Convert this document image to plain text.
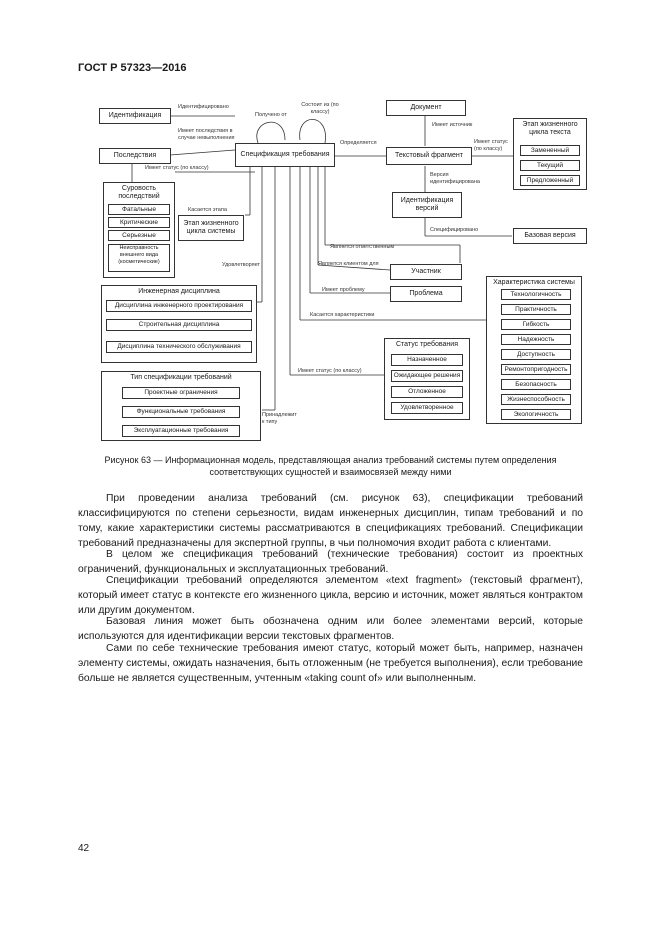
ГОСТ Р 57323—2016
Идентификация
Последствия	Спецификация требования
Документ
Текстовый фрагмент
Идентификация версий
Базовая версия
Этап жизненного цикла системы
Участник
Проблема
Идентифицировано
Имеет последствия в случае невыполнения
Имеет статус (по классу)
Получено от
Состоит из (по классу)
Определяется
Имеет источник
Имеет статус (по классу)
Версия идентифицирована
Специфицировано
Касается этапа
Является ответственным
Является клиентом для
Имеет проблему
Касается характеристики
Удовлетворяет
Имеет статус (по классу)
Принадлежит к типу
Суровость последствий
Фатальные
Критические
Серьезные
Неисправность внешнего вида (косметические)
Этап жизненного цикла текста
Замененный
Текущий
Предложенный
Инженерная дисциплина
Дисциплина инженерного проектирования
Строительная дисциплина
Дисциплина технического обслуживания
Тип спецификации требований
Проектные ограничения
Функциональные требования
Эксплуатационные требования
Статус требования
Назначенное
Ожидающее решения
Отложенное
Удовлетворенное
Характеристика системы
Технологичность
Практичность
Гибкость
Надежность
Доступность
Ремонтопригодность
Безопасность
Жизнеспособность
Экологичность
Рисунок 63 — Информационная модель, представляющая анализ требований системы путем определения соответствующих сущностей и взаимосвязей между ними
При проведении анализа требований (см. рисунок 63), спецификации требований классифицируются по степени серьезности, видам инженерных дисциплин, типам требований и по тому, какие характеристики системы рассматриваются в спецификациях требований. Спецификации требований предназначены для экспертной группы, в чьи полномочия входит работа с клиентами.
В целом же спецификация требований (технические требования) состоит из проектных ограничений, функциональных и эксплуатационных требований.
Спецификации требований определяются элементом «text fragment» (текстовый фрагмент), который имеет статус в контексте его жизненного цикла, версию и источник, может являться контрактом или другим документом.
Базовая линия может быть обозначена одним или более элементами версий, которые используются для идентификации версии текстовых фрагментов.
Сами по себе технические требования имеют статус, который может быть, например, назначен элементу системы, ожидать назначения, быть отложенным (не требуется выполнения), если требование больше не является существенным, учтенным «taking count of» или выполненным.
42
